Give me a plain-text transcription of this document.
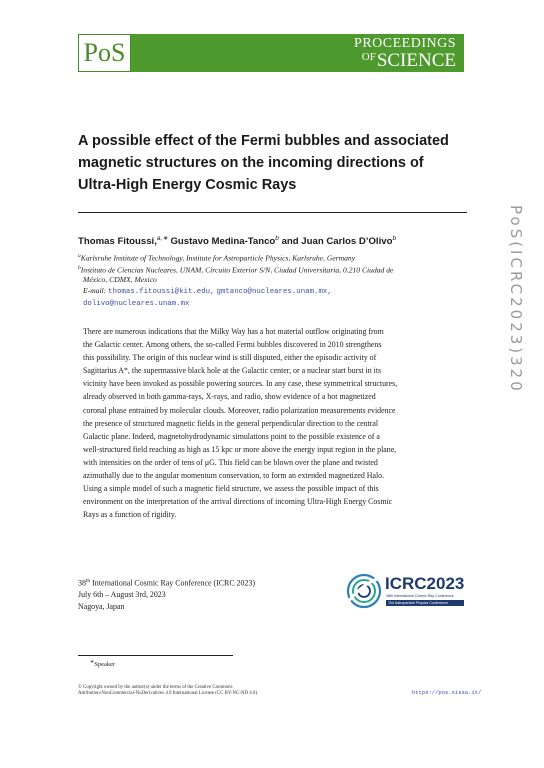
PoS	PROCEEDINGS
$^{OF}$SCIENCE
A possible effect of the Fermi bubbles and associated
magnetic structures on the incoming directions of
Ultra-High Energy Cosmic Rays
Thomas Fitoussi,$^{a,∗}$ Gustavo Medina-Tanco$^b$ and Juan Carlos D’Olivo$^b$
$^a$Karlsruhe Institute of Technology, Institute for Astroparticle Physics, Karlsruhe, Germany
$^b$Instituto de Ciencias Nucleares, UNAM, Circuito Exterior S/N, Ciudad Universitaria, 0.210 Ciudad de
México, CDMX, Mexico
E-mail: thomas.fitoussi@kit.edu, gmtanco@nucleares.unam.mx,
dolivo@nucleares.unam.mx
There are numerous indications that the Milky Way has a hot material outflow originating from
the Galactic center. Among others, the so-called Fermi bubbles discovered in 2010 strengthens
this possibility. The origin of this nuclear wind is still disputed, either the episodic activity of
Sagittarius A*, the supermassive black hole at the Galactic center, or a nuclear start burst in its
vicinity have been invoked as possible powering sources. In any case, these symmetrical structures,
already observed in both gamma-rays, X-rays, and radio, show evidence of a hot magnetized
coronal phase entrained by molecular clouds. Moreover, radio polarization measurements evidence
the presence of structured magnetic fields in the general perpendicular direction to the central
Galactic plane. Indeed, magnetohydrodynamic simulations point to the possible existence of a
well-structured field reaching as high as 15 kpc or more above the energy input region in the plane,
with intensities on the order of tens of μG. This field can be blown over the plane and twisted
azimuthally due to the angular momentum conservation, to form an extended magnetized Halo.
Using a simple model of such a magnetic field structure, we assess the possible impact of this
environment on the interpretation of the arrival directions of incoming Ultra-High Energy Cosmic
Rays as a function of rigidity.
38th International Cosmic Ray Conference (ICRC 2023)
July 6th – August 3rd, 2023
Nagoya, Japan
ICRC2023
38th International Cosmic Ray Conference
The Astroparticle Physics Conference
∗Speaker
© Copyright owned by the author(s) under the terms of the Creative Commons
Attribution-NonCommercial-NoDerivatives 4.0 International License (CC BY-NC-ND 4.0).	https://pos.sissa.it/
PoS(ICRC2023)320
